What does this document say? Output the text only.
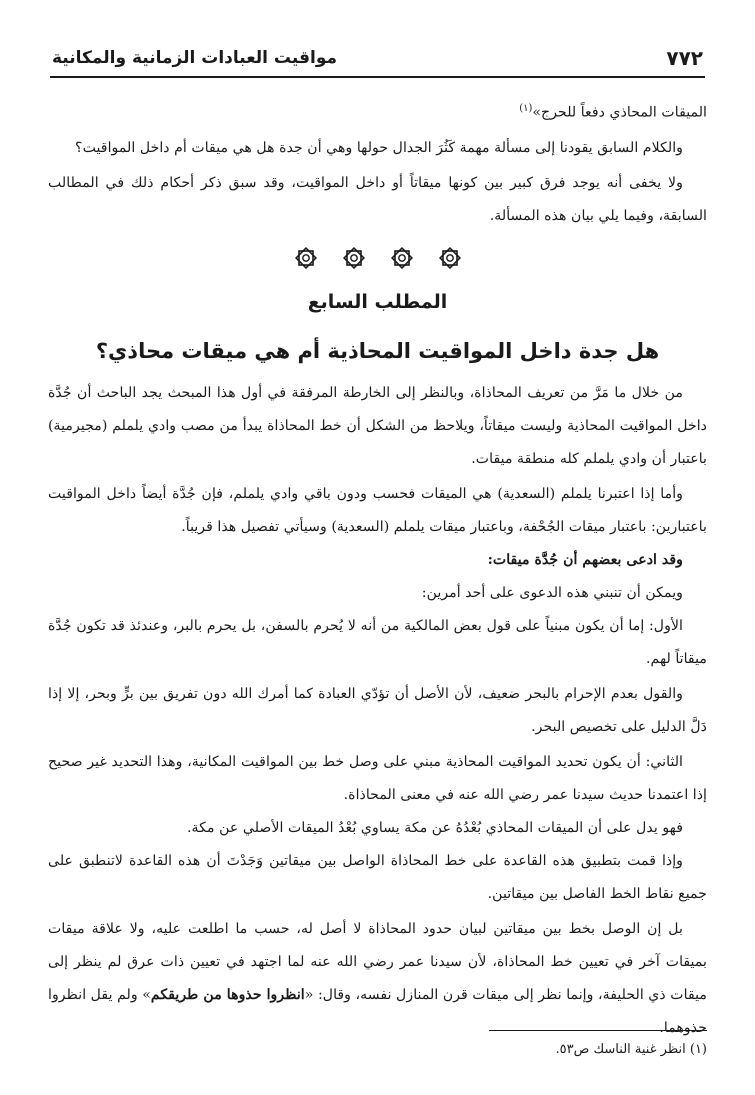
٧٧٢
مواقيت العبادات الزمانية والمكانية

الميقات المحاذي دفعاً للحرج»$^{(١)}$

والكلام السابق يقودنا إلى مسألة مهمة كَثُرَ الجدال حولها وهي أن جدة هل هي ميقات أم داخل المواقيت؟

ولا يخفى أنه يوجد فرق كبير بين كونها ميقاتاً أو داخل المواقيت، وقد سبق ذكر أحكام ذلك في المطالب السابقة، وفيما يلي بيان هذه المسألة.

المطلب السابع
هل جدة داخل المواقيت المحاذية أم هي ميقات محاذي؟

من خلال ما مَرَّ من تعريف المحاذاة، وبالنظر إلى الخارطة المرفقة في أول هذا المبحث يجد الباحث أن جُدَّة داخل المواقيت المحاذية وليست ميقاتاً، ويلاحظ من الشكل أن خط المحاذاة يبدأ من مصب وادي يلملم (مجيرمية) باعتبار أن وادي يلملم كله منطقة ميقات.

وأما إذا اعتبرنا يلملم (السعدية) هي الميقات فحسب ودون باقي وادي يلملم، فإن جُدَّة أيضاً داخل المواقيت باعتبارين: باعتبار ميقات الجُحْفة، وباعتبار ميقات يلملم (السعدية) وسيأتي تفصيل هذا قريباً.

وقد ادعى بعضهم أن جُدَّة ميقات:

ويمكن أن تنبني هذه الدعوى على أحد أمرين:

الأول: إما أن يكون مبنياً على قول بعض المالكية من أنه لا يُحرم بالسفن، بل يحرم بالبر، وعندئذ قد تكون جُدَّة ميقاتاً لهم.

والقول بعدم الإحرام بالبحر ضعيف، لأن الأصل أن تؤدّي العبادة كما أمرك الله دون تفريق بين برٍّ وبحر، إلا إذا دَلَّ الدليل على تخصيص البحر.

الثاني: أن يكون تحديد المواقيت المحاذية مبني على وصل خط بين المواقيت المكانية، وهذا التحديد غير صحيح إذا اعتمدنا حديث سيدنا عمر رضي الله عنه في معنى المحاذاة.

فهو يدل على أن الميقات المحاذي بُعْدُهُ عن مكة يساوي بُعْدُ الميقات الأصلي عن مكة.

وإذا قمت بتطبيق هذه القاعدة على خط المحاذاة الواصل بين ميقاتين وَجَدْتَ أن هذه القاعدة لاتنطبق على جميع نقاط الخط الفاصل بين ميقاتين.

بل إن الوصل بخط بين ميقاتين لبيان حدود المحاذاة لا أصل له، حسب ما اطلعت عليه، ولا علاقة ميقات بميقات آخر في تعيين خط المحاذاة، لأن سيدنا عمر رضي الله عنه لما اجتهد في تعيين ذات عرق لم ينظر إلى ميقات ذي الحليفة، وإنما نظر إلى ميقات قرن المنازل نفسه، وقال: «انظروا حذوها من طريقكم» ولم يقل انظروا حذوهما.

(١) انظر غنية الناسك ص٥٣.
